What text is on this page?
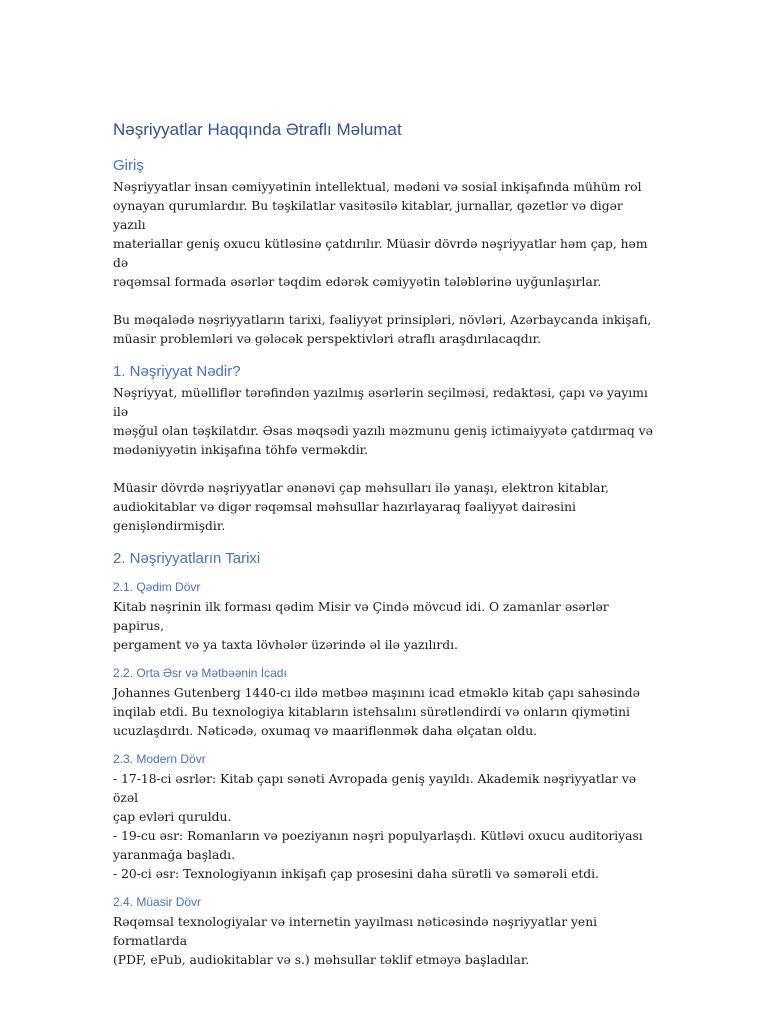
Nəşriyyatlar Haqqında Ətraflı Məlumat
Giriş

Nəşriyyatlar insan cəmiyyətinin intellektual, mədəni və sosial inkişafında mühüm rol
oynayan qurumlardır. Bu təşkilatlar vasitəsilə kitablar, jurnallar, qəzetlər və digər yazılı
materiallar geniş oxucu kütləsinə çatdırılır. Müasir dövrdə nəşriyyatlar həm çap, həm də
rəqəmsal formada əsərlər təqdim edərək cəmiyyətin tələblərinə uyğunlaşırlar.

Bu məqalədə nəşriyyatların tarixi, fəaliyyət prinsipləri, növləri, Azərbaycanda inkişafı,
müasir problemləri və gələcək perspektivləri ətraflı araşdırılacaqdır.

1. Nəşriyyat Nədir?

Nəşriyyat, müəlliflər tərəfindən yazılmış əsərlərin seçilməsi, redaktəsi, çapı və yayımı ilə
məşğul olan təşkilatdır. Əsas məqsədi yazılı məzmunu geniş ictimaiyyətə çatdırmaq və
mədəniyyətin inkişafına töhfə verməkdir.

Müasir dövrdə nəşriyyatlar ənənəvi çap məhsulları ilə yanaşı, elektron kitablar,
audiokitablar və digər rəqəmsal məhsullar hazırlayaraq fəaliyyət dairəsini
genişləndirmişdir.

2. Nəşriyyatların Tarixi
2.1. Qədim Dövr

Kitab nəşrinin ilk forması qədim Misir və Çində mövcud idi. O zamanlar əsərlər papirus,
pergament və ya taxta lövhələr üzərində əl ilə yazılırdı.

2.2. Orta Əsr və Mətbəənin İcadı

Johannes Gutenberg 1440-cı ildə mətbəə maşınını icad etməklə kitab çapı sahəsində
inqilab etdi. Bu texnologiya kitabların istehsalını sürətləndirdi və onların qiymətini
ucuzlaşdırdı. Nəticədə, oxumaq və maariflənmək daha əlçatan oldu.

2.3. Modern Dövr

- 17-18-ci əsrlər: Kitab çapı sənəti Avropada geniş yayıldı. Akademik nəşriyyatlar və özəl
çap evləri quruldu.
- 19-cu əsr: Romanların və poeziyanın nəşri populyarlaşdı. Kütləvi oxucu auditoriyası
yaranmağa başladı.
- 20-ci əsr: Texnologiyanın inkişafı çap prosesini daha sürətli və səmərəli etdi.

2.4. Müasir Dövr

Rəqəmsal texnologiyalar və internetin yayılması nəticəsində nəşriyyatlar yeni formatlarda
(PDF, ePub, audiokitablar və s.) məhsullar təklif etməyə başladılar.
